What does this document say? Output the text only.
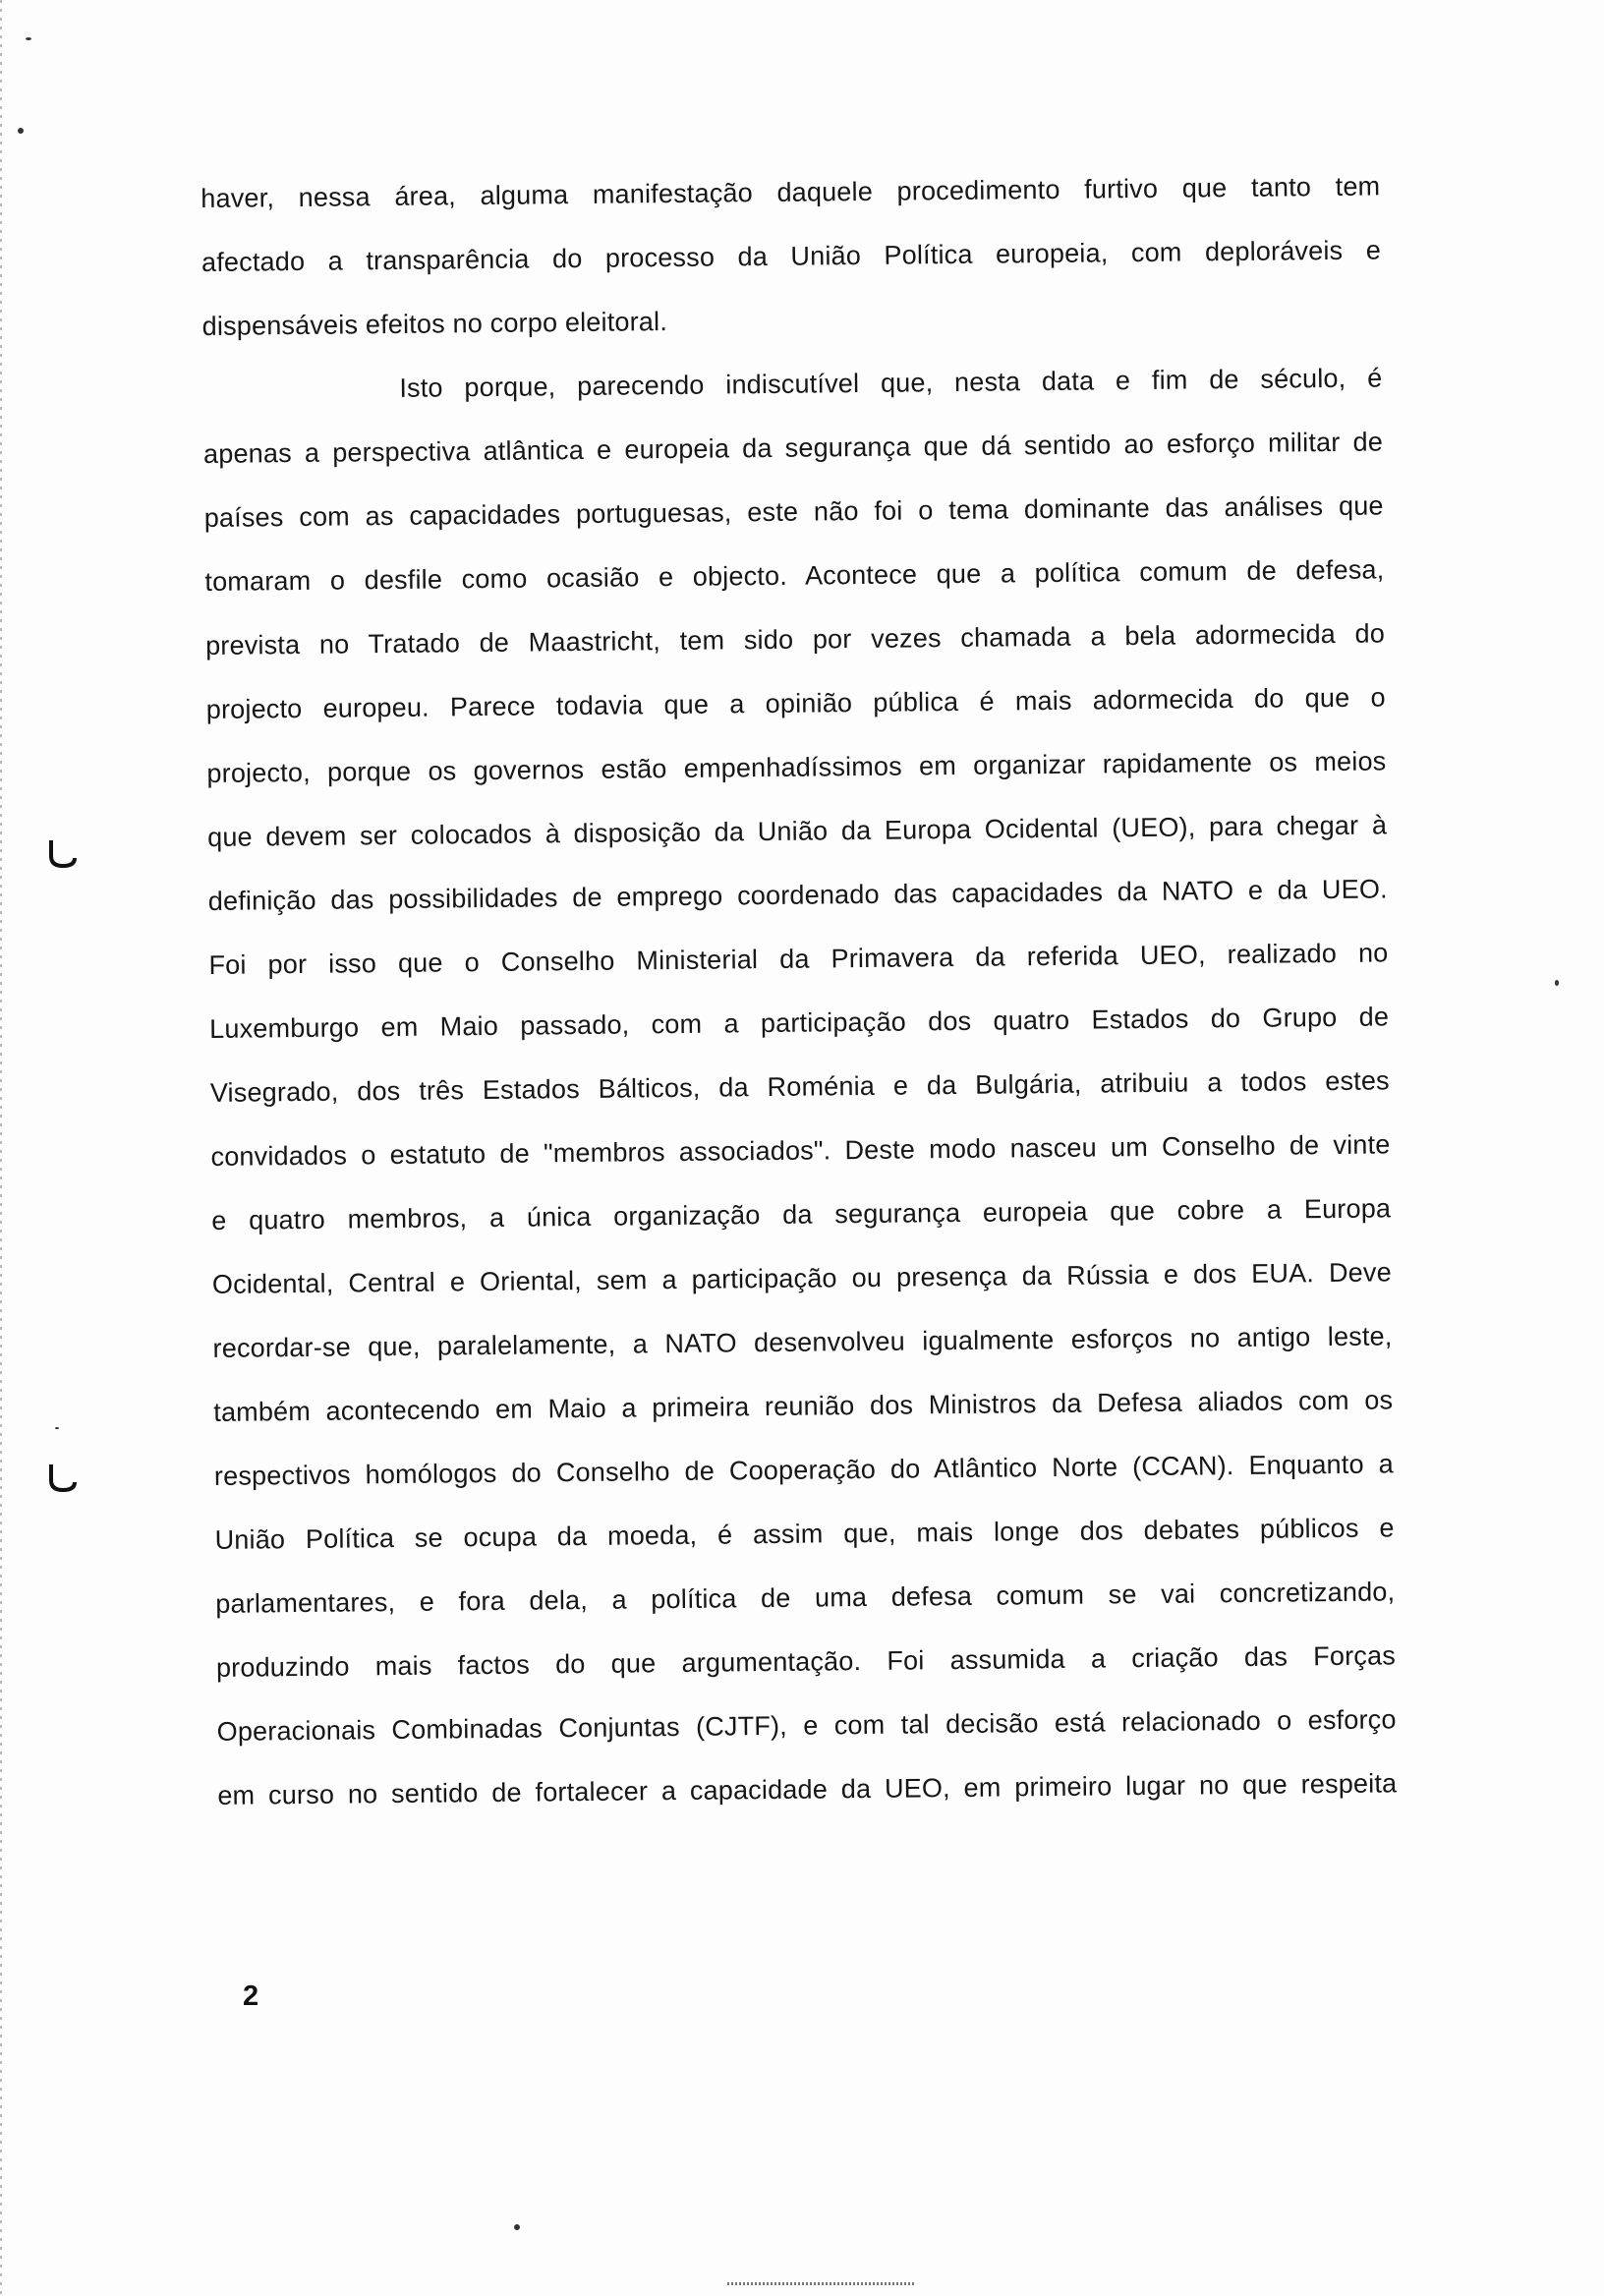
haver, nessa área, alguma manifestação daquele procedimento furtivo que tanto tem
afectado a transparência do processo da União Política europeia, com deploráveis e
dispensáveis efeitos no corpo eleitoral.
Isto porque, parecendo indiscutível que, nesta data e fim de século, é
apenas a perspectiva atlântica e europeia da segurança que dá sentido ao esforço militar de
países com as capacidades portuguesas, este não foi o tema dominante das análises que
tomaram o desfile como ocasião e objecto. Acontece que a política comum de defesa,
prevista no Tratado de Maastricht, tem sido por vezes chamada a bela adormecida do
projecto europeu. Parece todavia que a opinião pública é mais adormecida do que o
projecto, porque os governos estão empenhadíssimos em organizar rapidamente os meios
que devem ser colocados à disposição da União da Europa Ocidental (UEO), para chegar à
definição das possibilidades de emprego coordenado das capacidades da NATO e da UEO.
Foi por isso que o Conselho Ministerial da Primavera da referida UEO, realizado no
Luxemburgo em Maio passado, com a participação dos quatro Estados do Grupo de
Visegrado, dos três Estados Bálticos, da Roménia e da Bulgária, atribuiu a todos estes
convidados o estatuto de "membros associados". Deste modo nasceu um Conselho de vinte
e quatro membros, a única organização da segurança europeia que cobre a Europa
Ocidental, Central e Oriental, sem a participação ou presença da Rússia e dos EUA. Deve
recordar-se que, paralelamente, a NATO desenvolveu igualmente esforços no antigo leste,
também acontecendo em Maio a primeira reunião dos Ministros da Defesa aliados com os
respectivos homólogos do Conselho de Cooperação do Atlântico Norte (CCAN). Enquanto a
União Política se ocupa da moeda, é assim que, mais longe dos debates públicos e
parlamentares, e fora dela, a política de uma defesa comum se vai concretizando,
produzindo mais factos do que argumentação. Foi assumida a criação das Forças
Operacionais Combinadas Conjuntas (CJTF), e com tal decisão está relacionado o esforço
em curso no sentido de fortalecer a capacidade da UEO, em primeiro lugar no que respeita
2
